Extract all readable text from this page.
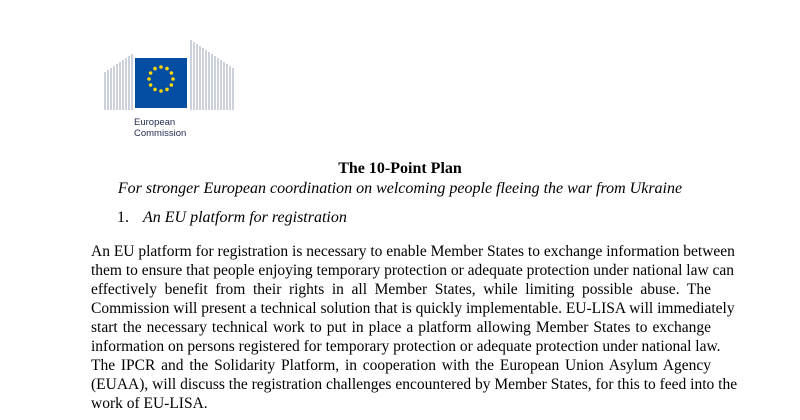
European
Commission
The 10-Point Plan
For stronger European coordination on welcoming people fleeing the war from Ukraine
1. An EU platform for registration
An EU platform for registration is necessary to enable Member States to exchange information between
them to ensure that people enjoying temporary protection or adequate protection under national law can
effectively benefit from their rights in all Member States, while limiting possible abuse. The
Commission will present a technical solution that is quickly implementable. EU-LISA will immediately
start the necessary technical work to put in place a platform allowing Member States to exchange
information on persons registered for temporary protection or adequate protection under national law.
The IPCR and the Solidarity Platform, in cooperation with the European Union Asylum Agency
(EUAA), will discuss the registration challenges encountered by Member States, for this to feed into the
work of EU-LISA.
